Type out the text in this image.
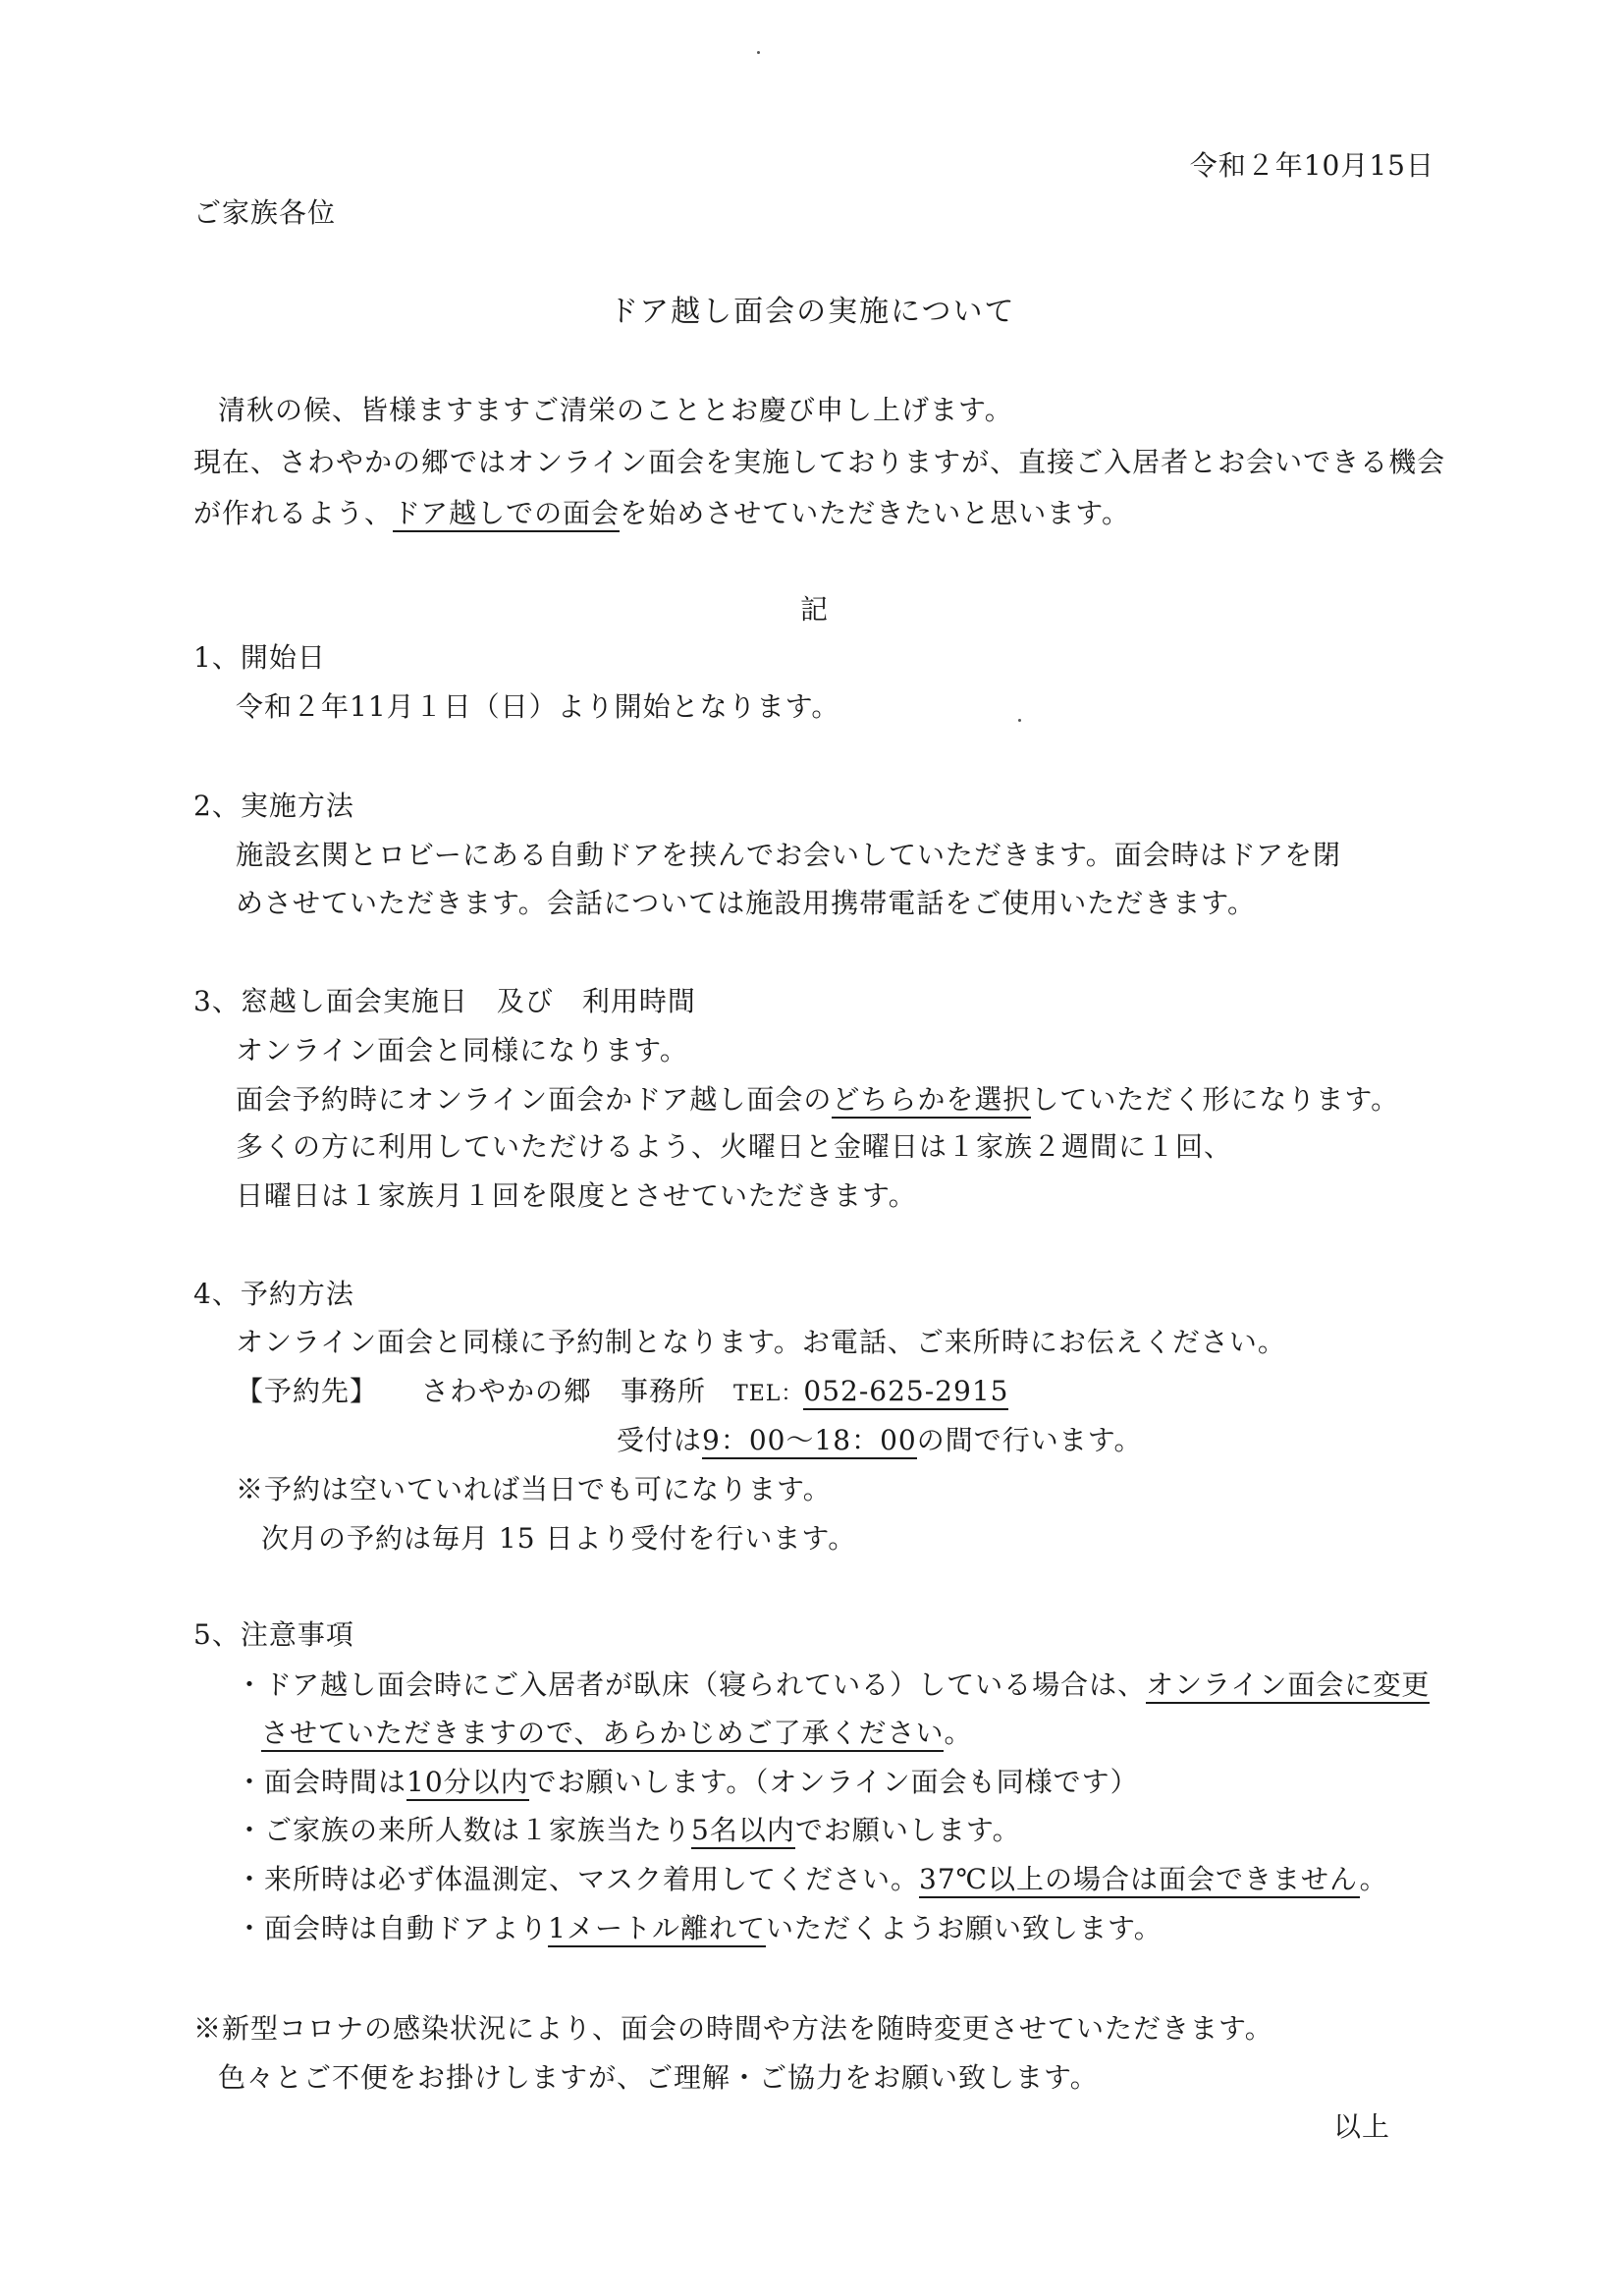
令和２年10月15日
ご家族各位
ドア越し面会の実施について
清秋の候、皆様ますますご清栄のこととお慶び申し上げます。
現在、さわやかの郷ではオンライン面会を実施しておりますが、直接ご入居者とお会いできる機会
が作れるよう、ドア越しでの面会を始めさせていただきたいと思います。
記
1、開始日
令和２年11月１日（日）より開始となります。
2、実施方法
施設玄関とロビーにある自動ドアを挟んでお会いしていただきます。面会時はドアを閉
めさせていただきます。会話については施設用携帯電話をご使用いただきます。
3、窓越し面会実施日　及び　利用時間
オンライン面会と同様になります。
面会予約時にオンライン面会かドア越し面会のどちらかを選択していただく形になります。
多くの方に利用していただけるよう、火曜日と金曜日は１家族２週間に１回、
日曜日は１家族月１回を限度とさせていただきます。
4、予約方法
オンライン面会と同様に予約制となります。お電話、ご来所時にお伝えください。
【予約先】 さわやかの郷　事務所 TEL：052-625-2915
受付は9：00～18：00の間で行います。
※予約は空いていれば当日でも可になります。
次月の予約は毎月 15 日より受付を行います。
5、注意事項
・ドア越し面会時にご入居者が臥床（寝られている）している場合は、オンライン面会に変更
させていただきますので、あらかじめご了承ください。
・面会時間は10分以内でお願いします。（オンライン面会も同様です）
・ご家族の来所人数は１家族当たり5名以内でお願いします。
・来所時は必ず体温測定、マスク着用してください。37℃以上の場合は面会できません。
・面会時は自動ドアより1メートル離れていただくようお願い致します。
※新型コロナの感染状況により、面会の時間や方法を随時変更させていただきます。
色々とご不便をお掛けしますが、ご理解・ご協力をお願い致します。
以上
